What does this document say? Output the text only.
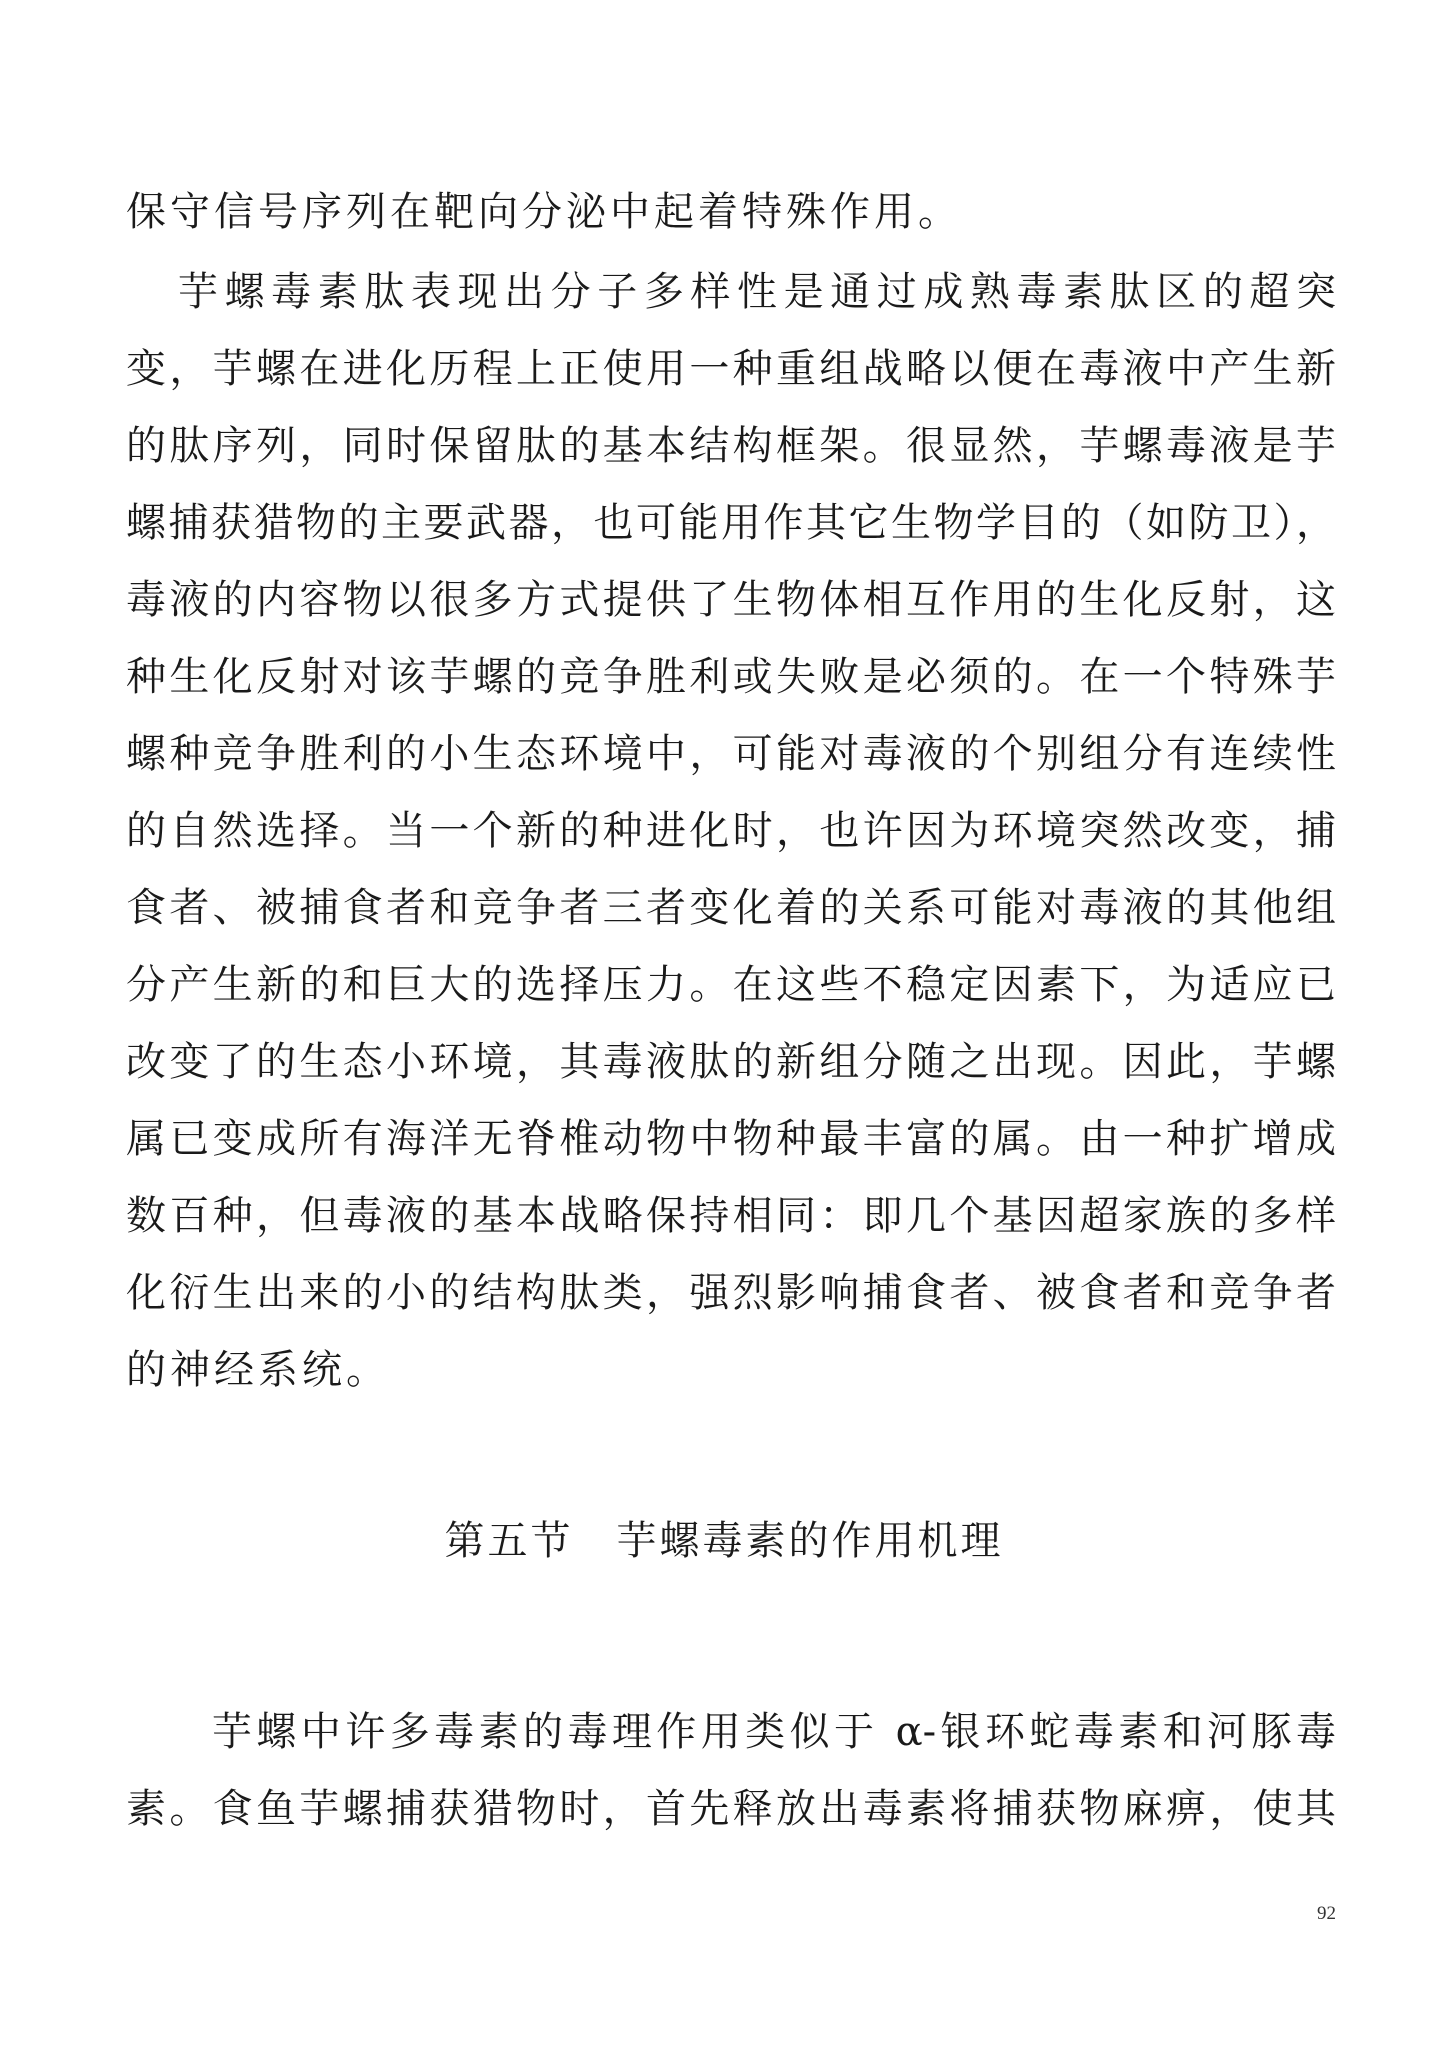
保守信号序列在靶向分泌中起着特殊作用。
芋螺毒素肽表现出分子多样性是通过成熟毒素肽区的超突
变，芋螺在进化历程上正使用一种重组战略以便在毒液中产生新
的肽序列，同时保留肽的基本结构框架。很显然，芋螺毒液是芋
螺捕获猎物的主要武器，也可能用作其它生物学目的（如防卫），
毒液的内容物以很多方式提供了生物体相互作用的生化反射，这
种生化反射对该芋螺的竞争胜利或失败是必须的。在一个特殊芋
螺种竞争胜利的小生态环境中，可能对毒液的个别组分有连续性
的自然选择。当一个新的种进化时，也许因为环境突然改变，捕
食者、被捕食者和竞争者三者变化着的关系可能对毒液的其他组
分产生新的和巨大的选择压力。在这些不稳定因素下，为适应已
改变了的生态小环境，其毒液肽的新组分随之出现。因此，芋螺
属已变成所有海洋无脊椎动物中物种最丰富的属。由一种扩增成
数百种，但毒液的基本战略保持相同：即几个基因超家族的多样
化衍生出来的小的结构肽类，强烈影响捕食者、被食者和竞争者
的神经系统。
第五节　芋螺毒素的作用机理
芋螺中许多毒素的毒理作用类似于 α-银环蛇毒素和河豚毒
素。食鱼芋螺捕获猎物时，首先释放出毒素将捕获物麻痹，使其
92
